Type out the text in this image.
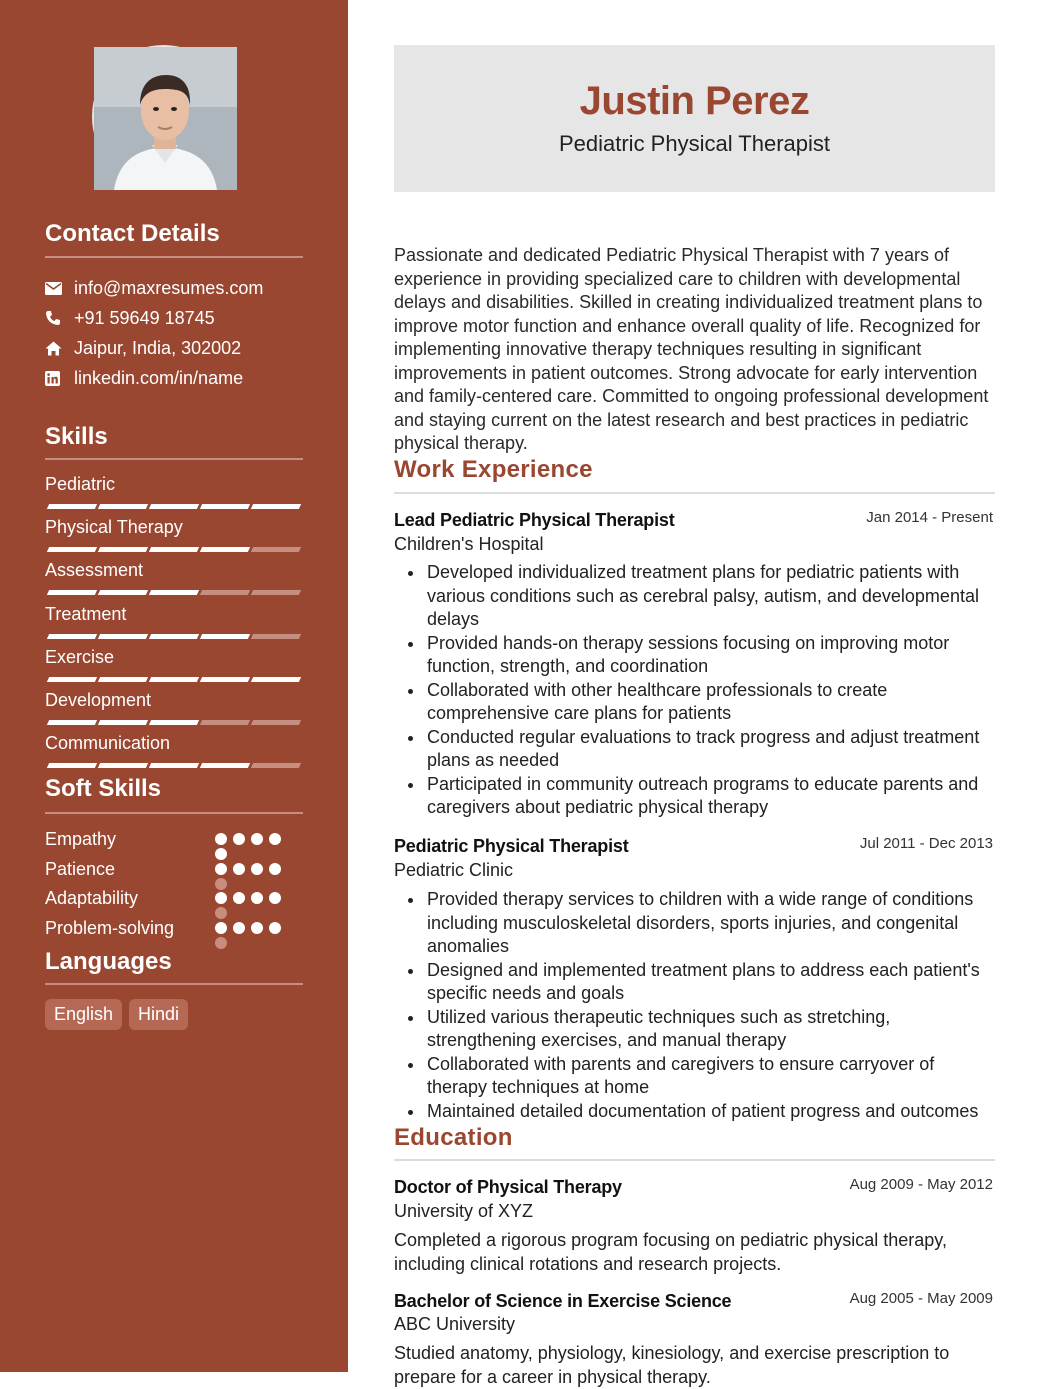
Contact Details
info@maxresumes.com
+91 59649 18745
Jaipur, India, 302002
linkedin.com/in/name
Skills
Pediatric
Physical Therapy
Assessment
Treatment
Exercise
Development
Communication
Soft Skills
Empathy
Patience
Adaptability
Problem-solving
Languages
English	Hindi
Justin Perez
Pediatric Physical Therapist
Passionate and dedicated Pediatric Physical Therapist with 7 years of experience in providing specialized care to children with developmental delays and disabilities. Skilled in creating individualized treatment plans to improve motor function and enhance overall quality of life. Recognized for implementing innovative therapy techniques resulting in significant improvements in patient outcomes. Strong advocate for early intervention and family-centered care. Committed to ongoing professional development and staying current on the latest research and best practices in pediatric physical therapy.
Work Experience
Lead Pediatric Physical Therapist	Jan 2014 - Present
Children's Hospital
Developed individualized treatment plans for pediatric patients with various conditions such as cerebral palsy, autism, and developmental delays
Provided hands-on therapy sessions focusing on improving motor function, strength, and coordination
Collaborated with other healthcare professionals to create comprehensive care plans for patients
Conducted regular evaluations to track progress and adjust treatment plans as needed
Participated in community outreach programs to educate parents and caregivers about pediatric physical therapy
Pediatric Physical Therapist	Jul 2011 - Dec 2013
Pediatric Clinic
Provided therapy services to children with a wide range of conditions including musculoskeletal disorders, sports injuries, and congenital anomalies
Designed and implemented treatment plans to address each patient's specific needs and goals
Utilized various therapeutic techniques such as stretching, strengthening exercises, and manual therapy
Collaborated with parents and caregivers to ensure carryover of therapy techniques at home
Maintained detailed documentation of patient progress and outcomes
Education
Doctor of Physical Therapy	Aug 2009 - May 2012
University of XYZ
Completed a rigorous program focusing on pediatric physical therapy, including clinical rotations and research projects.
Bachelor of Science in Exercise Science	Aug 2005 - May 2009
ABC University
Studied anatomy, physiology, kinesiology, and exercise prescription to prepare for a career in physical therapy.
